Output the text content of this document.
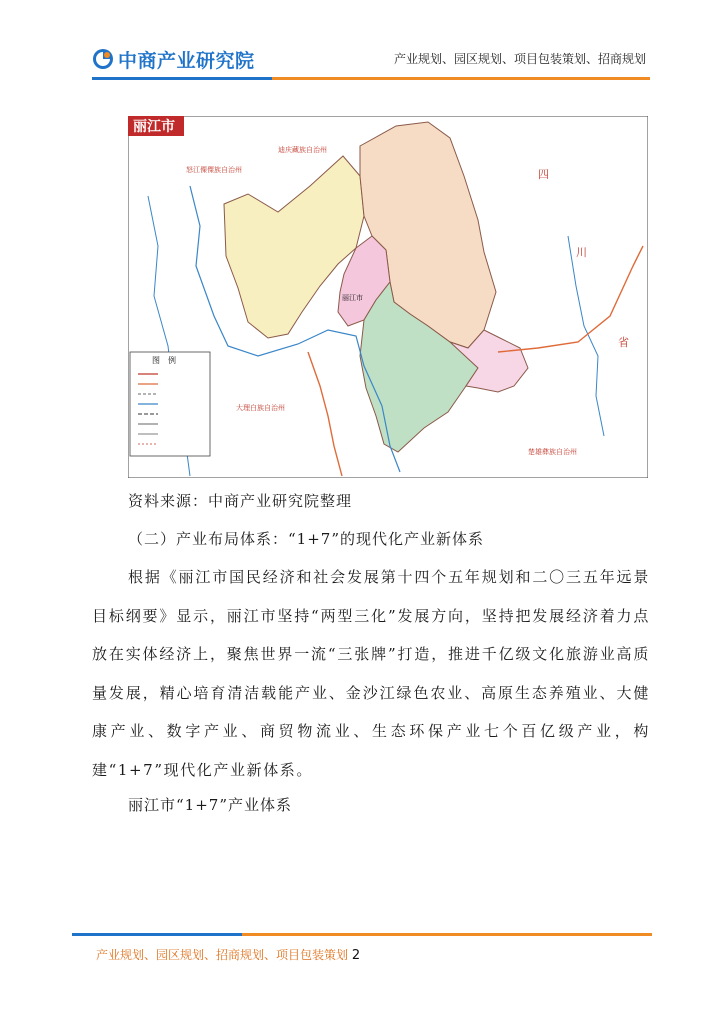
中商产业研究院	产业规划、园区规划、项目包装策划、招商规划
丽江市
四
川
省
怒江傈僳族自治州
大理白族自治州
迪庆藏族自治州
丽江市
楚雄彝族自治州
图　例
资料来源：中商产业研究院整理
（二）产业布局体系：“1+7”的现代化产业新体系
根据《丽江市国民经济和社会发展第十四个五年规划和二〇三五年远景目标纲要》显示，丽江市坚持“两型三化”发展方向，坚持把发展经济着力点放在实体经济上，聚焦世界一流“三张牌”打造，推进千亿级文化旅游业高质量发展，精心培育清洁载能产业、金沙江绿色农业、高原生态养殖业、大健康产业、数字产业、商贸物流业、生态环保产业七个百亿级产业，构建“1+7”现代化产业新体系。
丽江市“1+7”产业体系
产业规划、园区规划、招商规划、项目包装策划 2
